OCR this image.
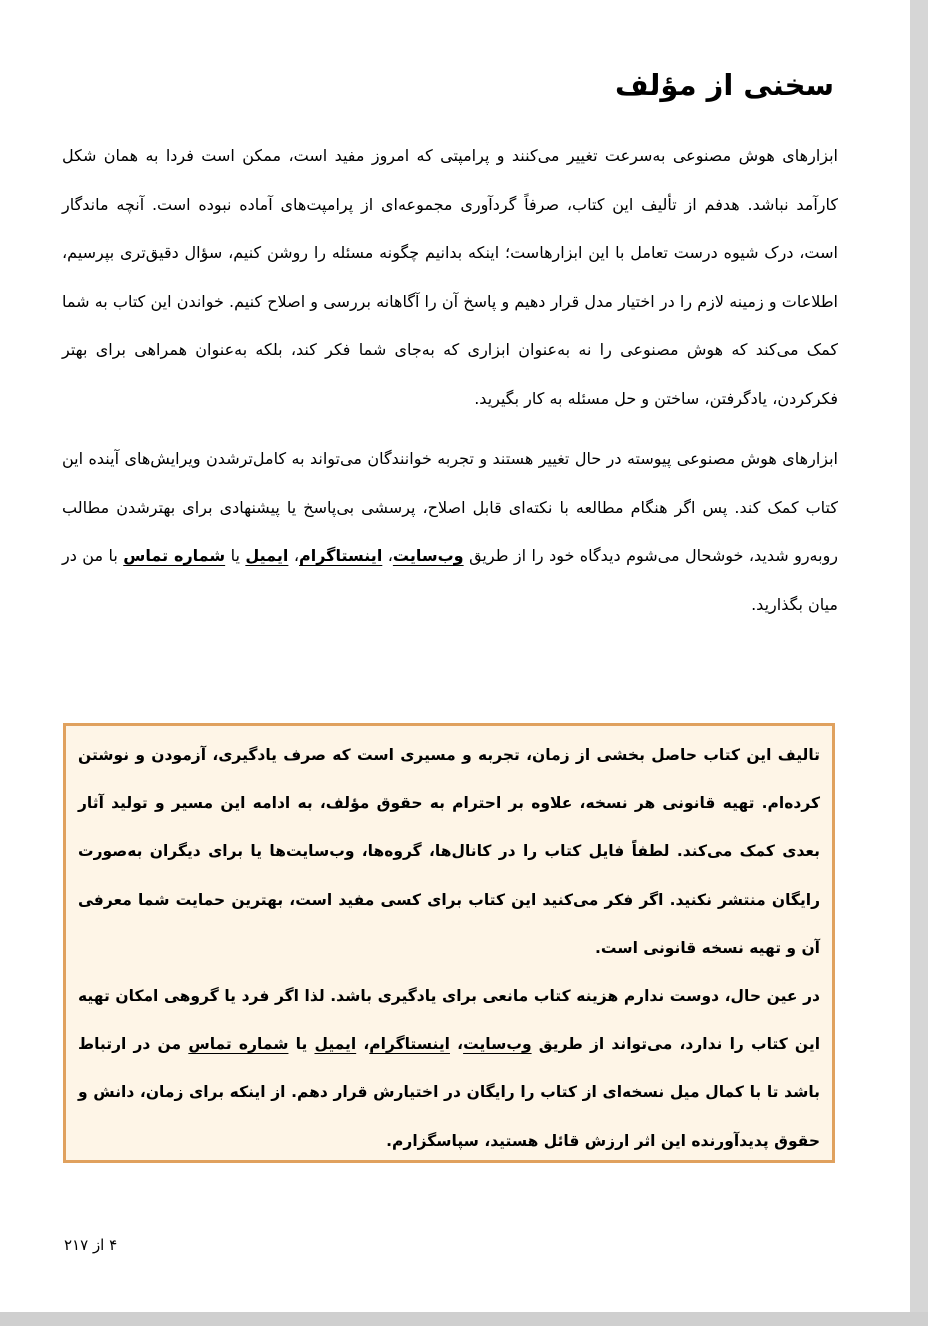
سخنی از مؤلف

ابزارهای هوش مصنوعی به‌سرعت تغییر می‌کنند و پرامپتی که امروز مفید است، ممکن است فردا به همان شکل کارآمد نباشد. هدفم از تألیف این کتاب، صرفاً گردآوری مجموعه‌ای از پرامپت‌های آماده نبوده است. آنچه ماندگار است، درک شیوه درست تعامل با این ابزارهاست؛ اینکه بدانیم چگونه مسئله را روشن کنیم، سؤال دقیق‌تری بپرسیم، اطلاعات و زمینه لازم را در اختیار مدل قرار دهیم و پاسخ آن را آگاهانه بررسی و اصلاح کنیم. خواندن این کتاب به شما کمک می‌کند که هوش مصنوعی را نه به‌عنوان ابزاری که به‌جای شما فکر کند، بلکه به‌عنوان همراهی برای بهتر فکرکردن، یادگرفتن، ساختن و حل مسئله به کار بگیرید.

ابزارهای هوش مصنوعی پیوسته در حال تغییر هستند و تجربه خوانندگان می‌تواند به کامل‌ترشدن ویرایش‌های آینده این کتاب کمک کند. پس اگر هنگام مطالعه با نکته‌ای قابل اصلاح، پرسشی بی‌پاسخ یا پیشنهادی برای بهترشدن مطالب روبه‌رو شدید، خوشحال می‌شوم دیدگاه خود را از طریق وب‌سایت، اینستاگرام، ایمیل یا شماره تماس با من در میان بگذارید.

تالیف این کتاب حاصل بخشی از زمان، تجربه و مسیری است که صرف یادگیری، آزمودن و نوشتن کرده‌ام. تهیه قانونی هر نسخه، علاوه بر احترام به حقوق مؤلف، به ادامه این مسیر و تولید آثار بعدی کمک می‌کند. لطفاً فایل کتاب را در کانال‌ها، گروه‌ها، وب‌سایت‌ها یا برای دیگران به‌صورت رایگان منتشر نکنید. اگر فکر می‌کنید این کتاب برای کسی مفید است، بهترین حمایت شما معرفی آن و تهیه نسخه قانونی است.

در عین حال، دوست ندارم هزینه کتاب مانعی برای یادگیری باشد. لذا اگر فرد یا گروهی امکان تهیه این کتاب را ندارد، می‌تواند از طریق وب‌سایت، اینستاگرام، ایمیل یا شماره تماس من در ارتباط باشد تا با کمال میل نسخه‌ای از کتاب را رایگان در اختیارش قرار دهم. از اینکه برای زمان، دانش و حقوق پدیدآورنده این اثر ارزش قائل هستید، سپاسگزارم.

۴ از ۲۱۷
